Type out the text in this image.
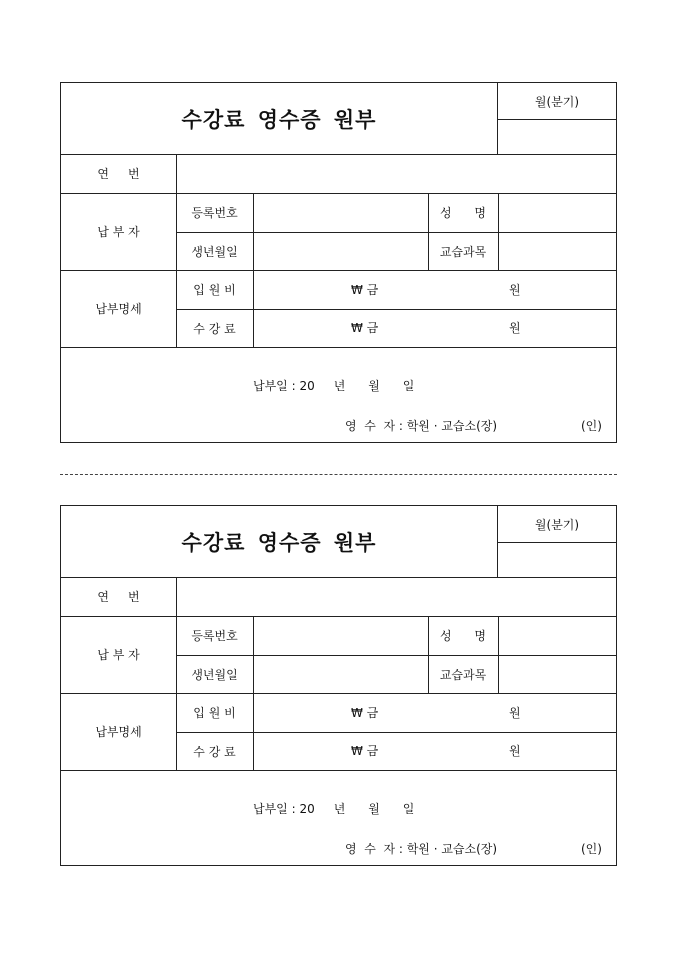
수강료 영수증 원부
월(분기)
연     번
납 부 자
등록번호	성      명
생년월일	교습과목
납부명세
입 원 비	₩ 금	원
수 강 료	₩ 금	원
납부일 : 20     년      월      일
영  수  자 : 학원 · 교습소(장)	(인)
수강료 영수증 원부
월(분기)
연     번
납 부 자
등록번호	성      명
생년월일	교습과목
납부명세
입 원 비	₩ 금	원
수 강 료	₩ 금	원
납부일 : 20     년      월      일
영  수  자 : 학원 · 교습소(장)	(인)
